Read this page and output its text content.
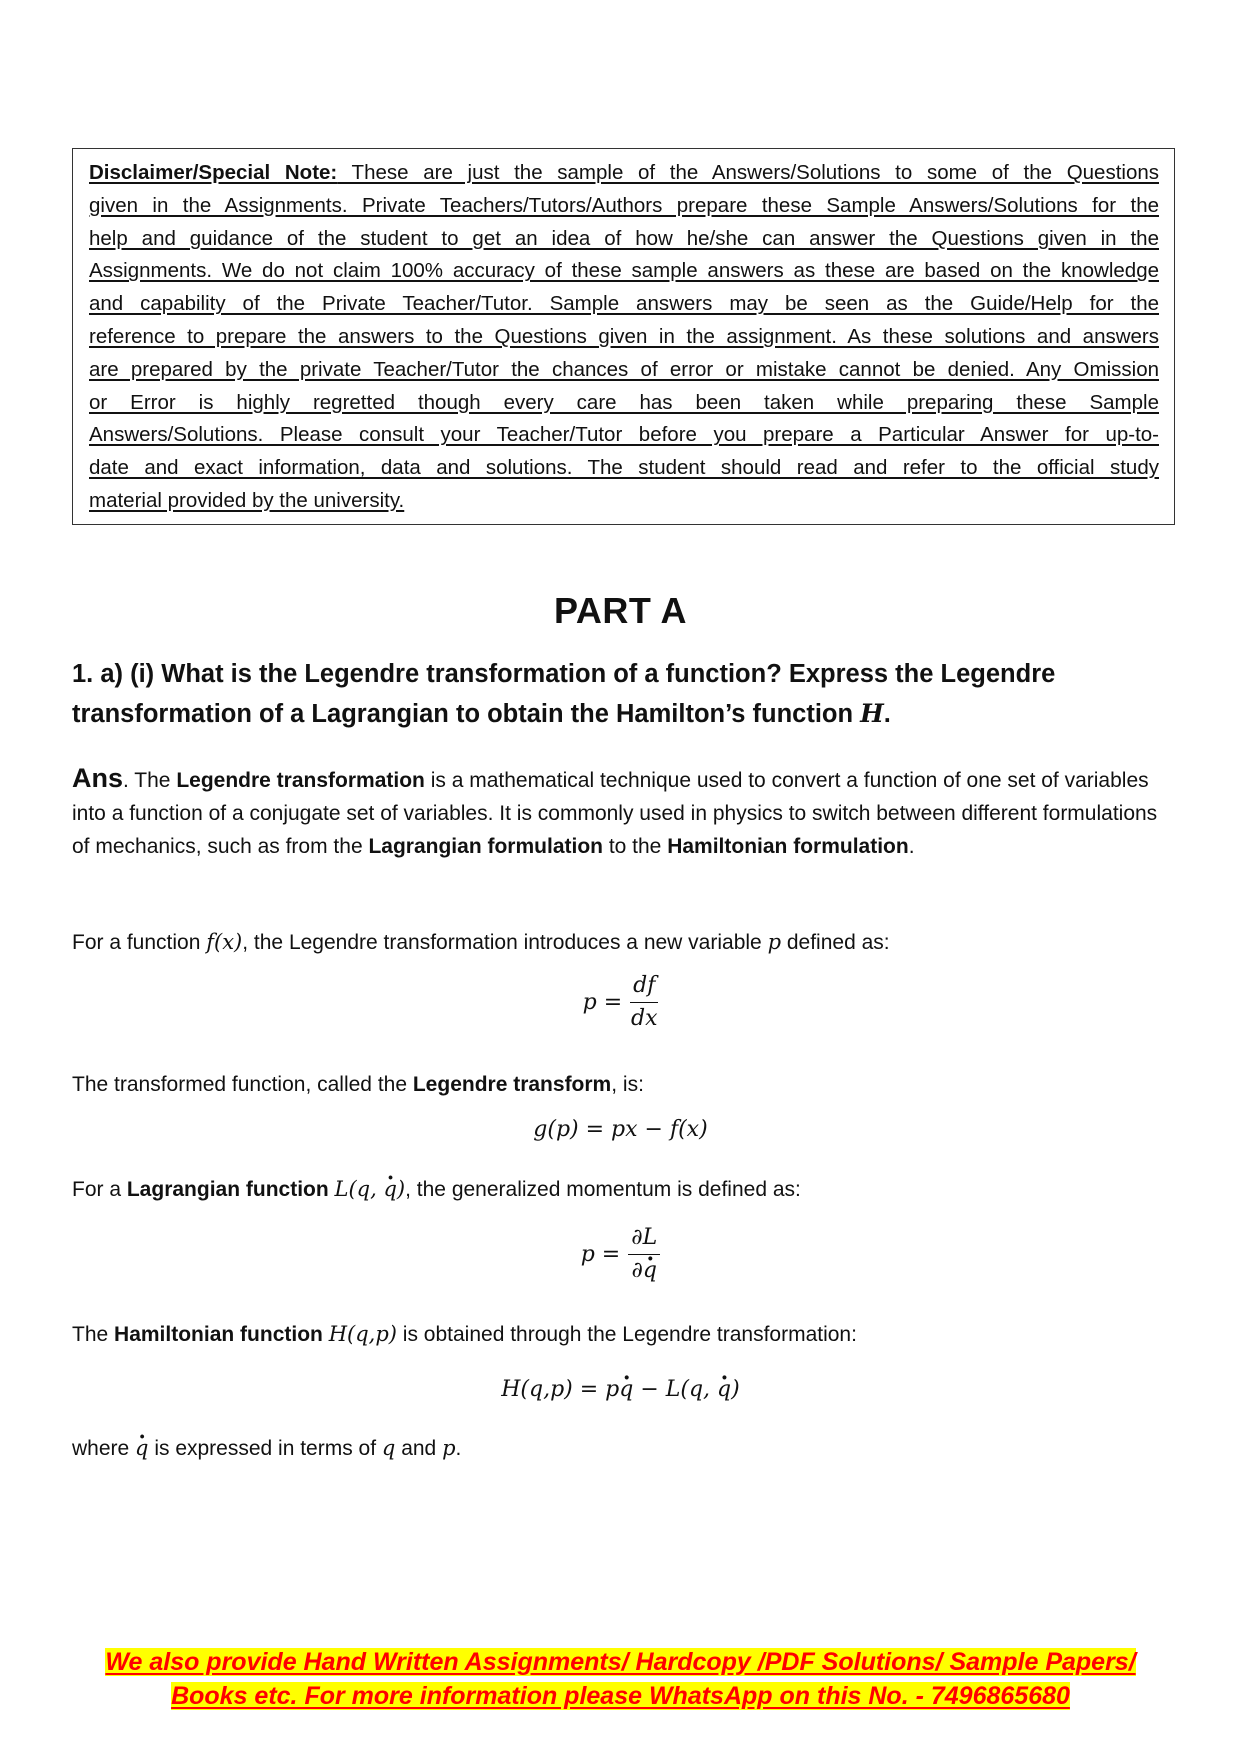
Disclaimer/Special Note: These are just the sample of the Answers/Solutions to some of the Questions
given in the Assignments. Private Teachers/Tutors/Authors prepare these Sample Answers/Solutions for the
help and guidance of the student to get an idea of how he/she can answer the Questions given in the
Assignments. We do not claim 100% accuracy of these sample answers as these are based on the knowledge
and capability of the Private Teacher/Tutor. Sample answers may be seen as the Guide/Help for the
reference to prepare the answers to the Questions given in the assignment. As these solutions and answers
are prepared by the private Teacher/Tutor the chances of error or mistake cannot be denied. Any Omission
or Error is highly regretted though every care has been taken while preparing these Sample
Answers/Solutions. Please consult your Teacher/Tutor before you prepare a Particular Answer for up-to-
date and exact information, data and solutions. The student should read and refer to the official study
material provided by the university.
PART A
1. a) (i) What is the Legendre transformation of a function? Express the Legendre
transformation of a Lagrangian to obtain the Hamilton’s function H.
Ans. The Legendre transformation is a mathematical technique used to convert a function of one set of variables into a function of a conjugate set of variables. It is commonly used in physics to switch between different formulations of mechanics, such as from the Lagrangian formulation to the Hamiltonian formulation.
For a function f(x), the Legendre transformation introduces a new variable p defined as:
$p = \frac{df}{dx}$
The transformed function, called the Legendre transform, is:
g(p) = px − f(x)
For a Lagrangian function L(q, q ·), the generalized momentum is defined as:
$p = \frac{\partial L}{\partial q}$ ·
The Hamiltonian function H(q,p) is obtained through the Legendre transformation:
H(q,p) = pq · − L(q, q ·)
where q · is expressed in terms of q and p.
We also provide Hand Written Assignments/ Hardcopy /PDF Solutions/ Sample Papers/
Books etc. For more information please WhatsApp on this No. - 7496865680
